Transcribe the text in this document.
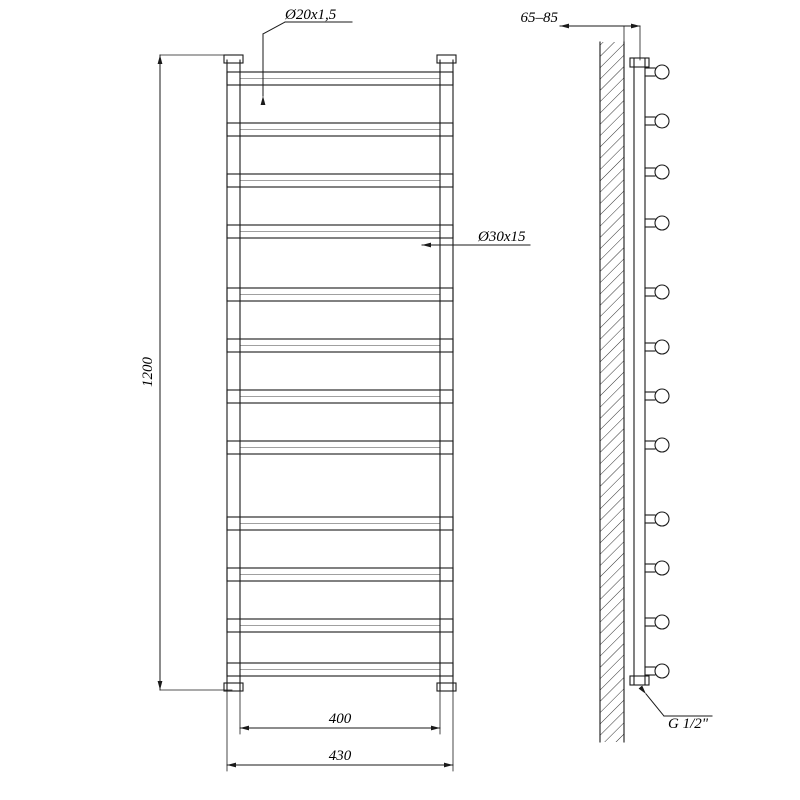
Ø20x1,5
Ø30x15
1200
400
430
65–85
G 1/2"
